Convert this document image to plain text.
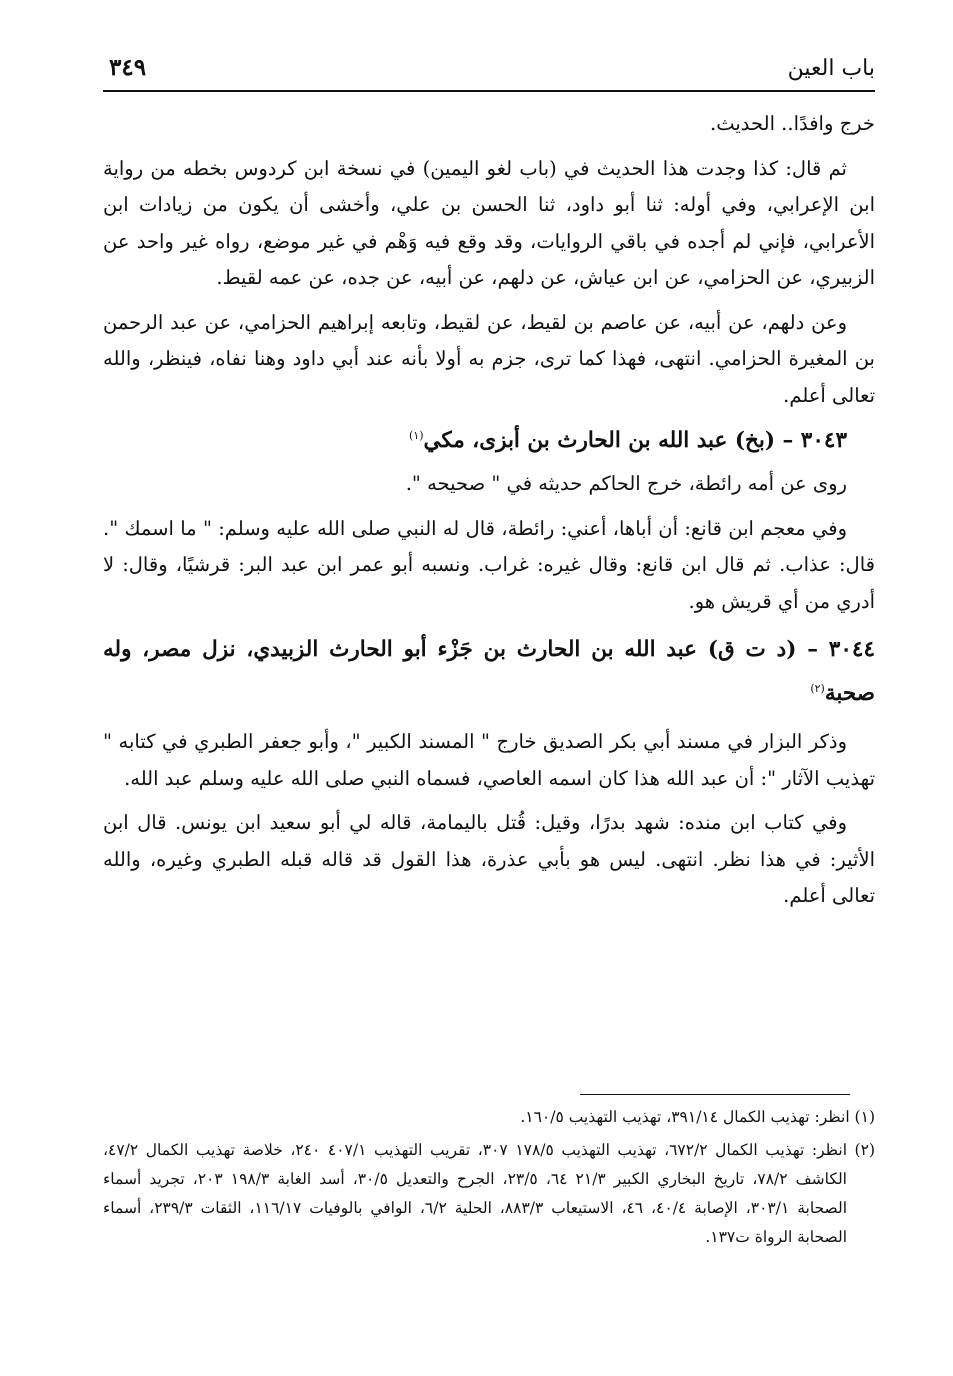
باب العين
٣٤٩

خرج وافدًا.. الحديث.

ثم قال: كذا وجدت هذا الحديث في (باب لغو اليمين) في نسخة ابن كردوس بخطه من رواية ابن الإعرابي، وفي أوله: ثنا أبو داود، ثنا الحسن بن علي، وأخشى أن يكون من زيادات ابن الأعرابي، فإني لم أجده في باقي الروايات، وقد وقع فيه وَهْم في غير موضع، رواه غير واحد عن الزبيري، عن الحزامي، عن ابن عياش، عن دلهم، عن أبيه، عن جده، عن عمه لقيط.

وعن دلهم، عن أبيه، عن عاصم بن لقيط، عن لقيط، وتابعه إبراهيم الحزامي، عن عبد الرحمن بن المغيرة الحزامي. انتهى، فهذا كما ترى، جزم به أولا بأنه عند أبي داود وهنا نفاه، فينظر، والله تعالى أعلم.

٣٠٤٣ – (بخ) عبد الله بن الحارث بن أبزى، مكي$^{(١)}$

روى عن أمه رائطة، خرج الحاكم حديثه في " صحيحه ".

وفي معجم ابن قانع: أن أباها، أعني: رائطة، قال له النبي صلى الله عليه وسلم: " ما اسمك ". قال: عذاب. ثم قال ابن قانع: وقال غيره: غراب. ونسبه أبو عمر ابن عبد البر: قرشيًا، وقال: لا أدري من أي قريش هو.

٣٠٤٤ – (د ت ق) عبد الله بن الحارث بن جَزْء أبو الحارث الزبيدي، نزل مصر، وله صحبة$^{(٢)}$

وذكر البزار في مسند أبي بكر الصديق خارج " المسند الكبير "، وأبو جعفر الطبري في كتابه " تهذيب الآثار ": أن عبد الله هذا كان اسمه العاصي، فسماه النبي صلى الله عليه وسلم عبد الله.

وفي كتاب ابن منده: شهد بدرًا، وقيل: قُتل باليمامة، قاله لي أبو سعيد ابن يونس. قال ابن الأثير: في هذا نظر. انتهى. ليس هو بأبي عذرة، هذا القول قد قاله قبله الطبري وغيره، والله تعالى أعلم.

(١) انظر: تهذيب الكمال ٣٩١/١٤، تهذيب التهذيب ١٦٠/٥.

(٢) انظر: تهذيب الكمال ٦٧٢/٢، تهذيب التهذيب ١٧٨/٥ ٣٠٧، تقريب التهذيب ٤٠٧/١ ٢٤٠، خلاصة تهذيب الكمال ٤٧/٢، الكاشف ٧٨/٢، تاريخ البخاري الكبير ٢١/٣ ٦٤، ٢٣/٥، الجرح والتعديل ٣٠/٥، أسد الغابة ١٩٨/٣ ٢٠٣، تجريد أسماء الصحابة ٣٠٣/١، الإصابة ٤٠/٤، ٤٦، الاستيعاب ٨٨٣/٣، الحلية ٦/٢، الوافي بالوفيات ١١٦/١٧، الثقات ٢٣٩/٣، أسماء الصحابة الرواة ت١٣٧.
